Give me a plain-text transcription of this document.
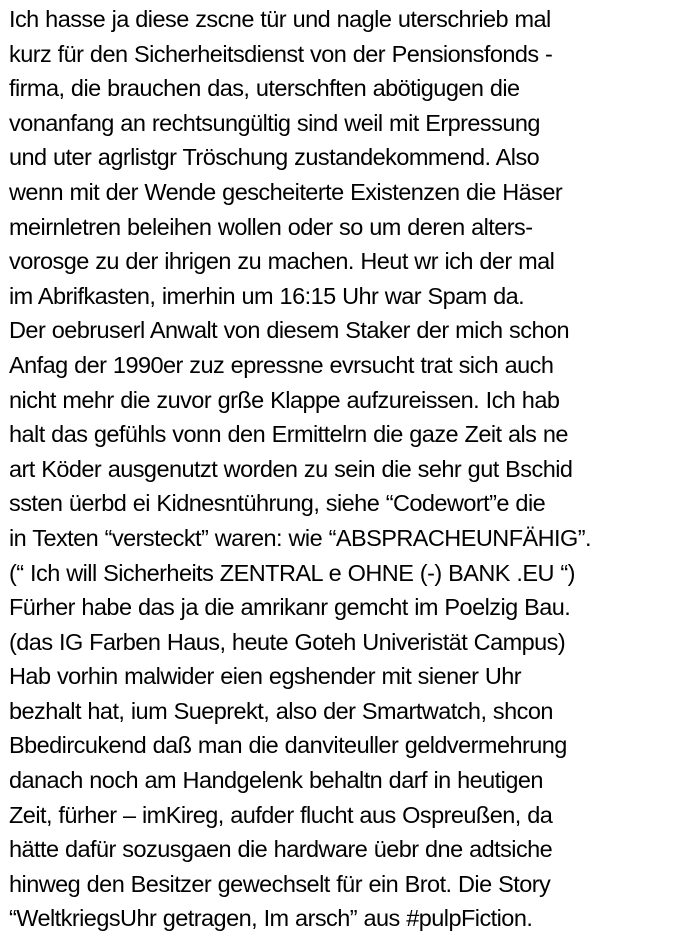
Ich hasse ja diese zscne tür und nagle uterschrieb mal
kurz für den Sicherheitsdienst von der Pensionsfonds -
firma, die brauchen das, uterschften abötigugen die
vonanfang an rechtsungültig sind weil mit Erpressung
und uter agrlistgr Tröschung zustandekommend. Also
wenn mit der Wende gescheiterte Existenzen die Häser
meirnletren beleihen wollen oder so um deren alters-
vorosge zu der ihrigen zu machen. Heut wr ich der mal
im Abrifkasten, imerhin um 16:15 Uhr war Spam da.
Der oebruserl Anwalt von diesem Staker der mich schon
Anfag der 1990er zuz epressne evrsucht trat sich auch
nicht mehr die zuvor grße Klappe aufzureissen. Ich hab
halt das gefühls vonn den Ermittelrn die gaze Zeit als ne
art Köder ausgenutzt worden zu sein die sehr gut Bschid
ssten üerbd ei Kidnesntührung, siehe “Codewort”e die
in Texten “versteckt” waren: wie “ABSPRACHEUNFÄHIG”.
(“ Ich will Sicherheits ZENTRAL e OHNE (-) BANK .EU “)
Fürher habe das ja die amrikanr gemcht im Poelzig Bau.
(das IG Farben Haus, heute Goteh Univeristät Campus)
Hab vorhin malwider eien egshender mit siener Uhr
bezhalt hat, ium Sueprekt, also der Smartwatch, shcon
Bbedircukend daß man die danviteuller geldvermehrung
danach noch am Handgelenk behaltn darf in heutigen
Zeit, fürher – imKireg, aufder flucht aus Ospreußen, da
hätte dafür sozusgaen die hardware üebr dne adtsiche
hinweg den Besitzer gewechselt für ein Brot. Die Story
“WeltkriegsUhr getragen, Im arsch” aus #pulpFiction.
